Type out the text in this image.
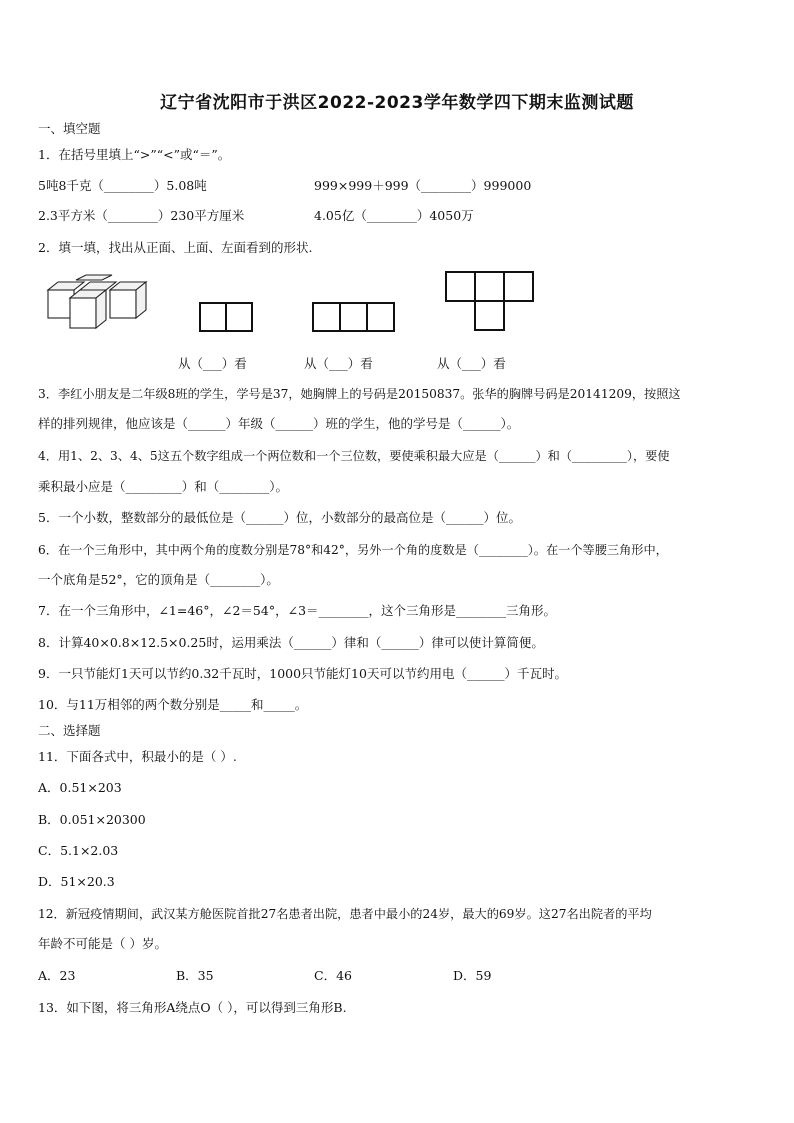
辽宁省沈阳市于洪区2022-2023学年数学四下期末监测试题
一、填空题
1．在括号里填上“>”“<”或“＝”。
5吨8千克（________）5.08吨	999×999＋999（________）999000
2.3平方米（________）230平方厘米	4.05亿（________）4050万
2．填一填，找出从正面、上面、左面看到的形状.
从（___）看	从（___）看	从（___）看
3．李红小朋友是二年级8班的学生，学号是37，她胸牌上的号码是20150837。张华的胸牌号码是20141209，按照这
样的排列规律，他应该是（______）年级（______）班的学生，他的学号是（______）。
4．用1、2、3、4、5这五个数字组成一个两位数和一个三位数，要使乘积最大应是（______）和（_________），要使
乘积最小应是（_________）和（________）。
5．一个小数，整数部分的最低位是（______）位，小数部分的最高位是（______）位。
6．在一个三角形中，其中两个角的度数分别是78°和42°，另外一个角的度数是（________）。在一个等腰三角形中，
一个底角是52°，它的顶角是（________）。
7．在一个三角形中，∠1=46°，∠2＝54°，∠3＝________，这个三角形是________三角形。
8．计算40×0.8×12.5×0.25时，运用乘法（______）律和（______）律可以使计算简便。
9．一只节能灯1天可以节约0.32千瓦时，1000只节能灯10天可以节约用电（______）千瓦时。
10．与11万相邻的两个数分别是_____和_____。
二、选择题
11．下面各式中，积最小的是（ ）.
A．0.51×203
B．0.051×20300
C．5.1×2.03
D．51×20.3
12．新冠疫情期间，武汉某方舱医院首批27名患者出院，患者中最小的24岁，最大的69岁。这27名出院者的平均
年龄不可能是（ ）岁。
A．23	B．35	C．46	D．59
13．如下图，将三角形A绕点O（ ），可以得到三角形B.
